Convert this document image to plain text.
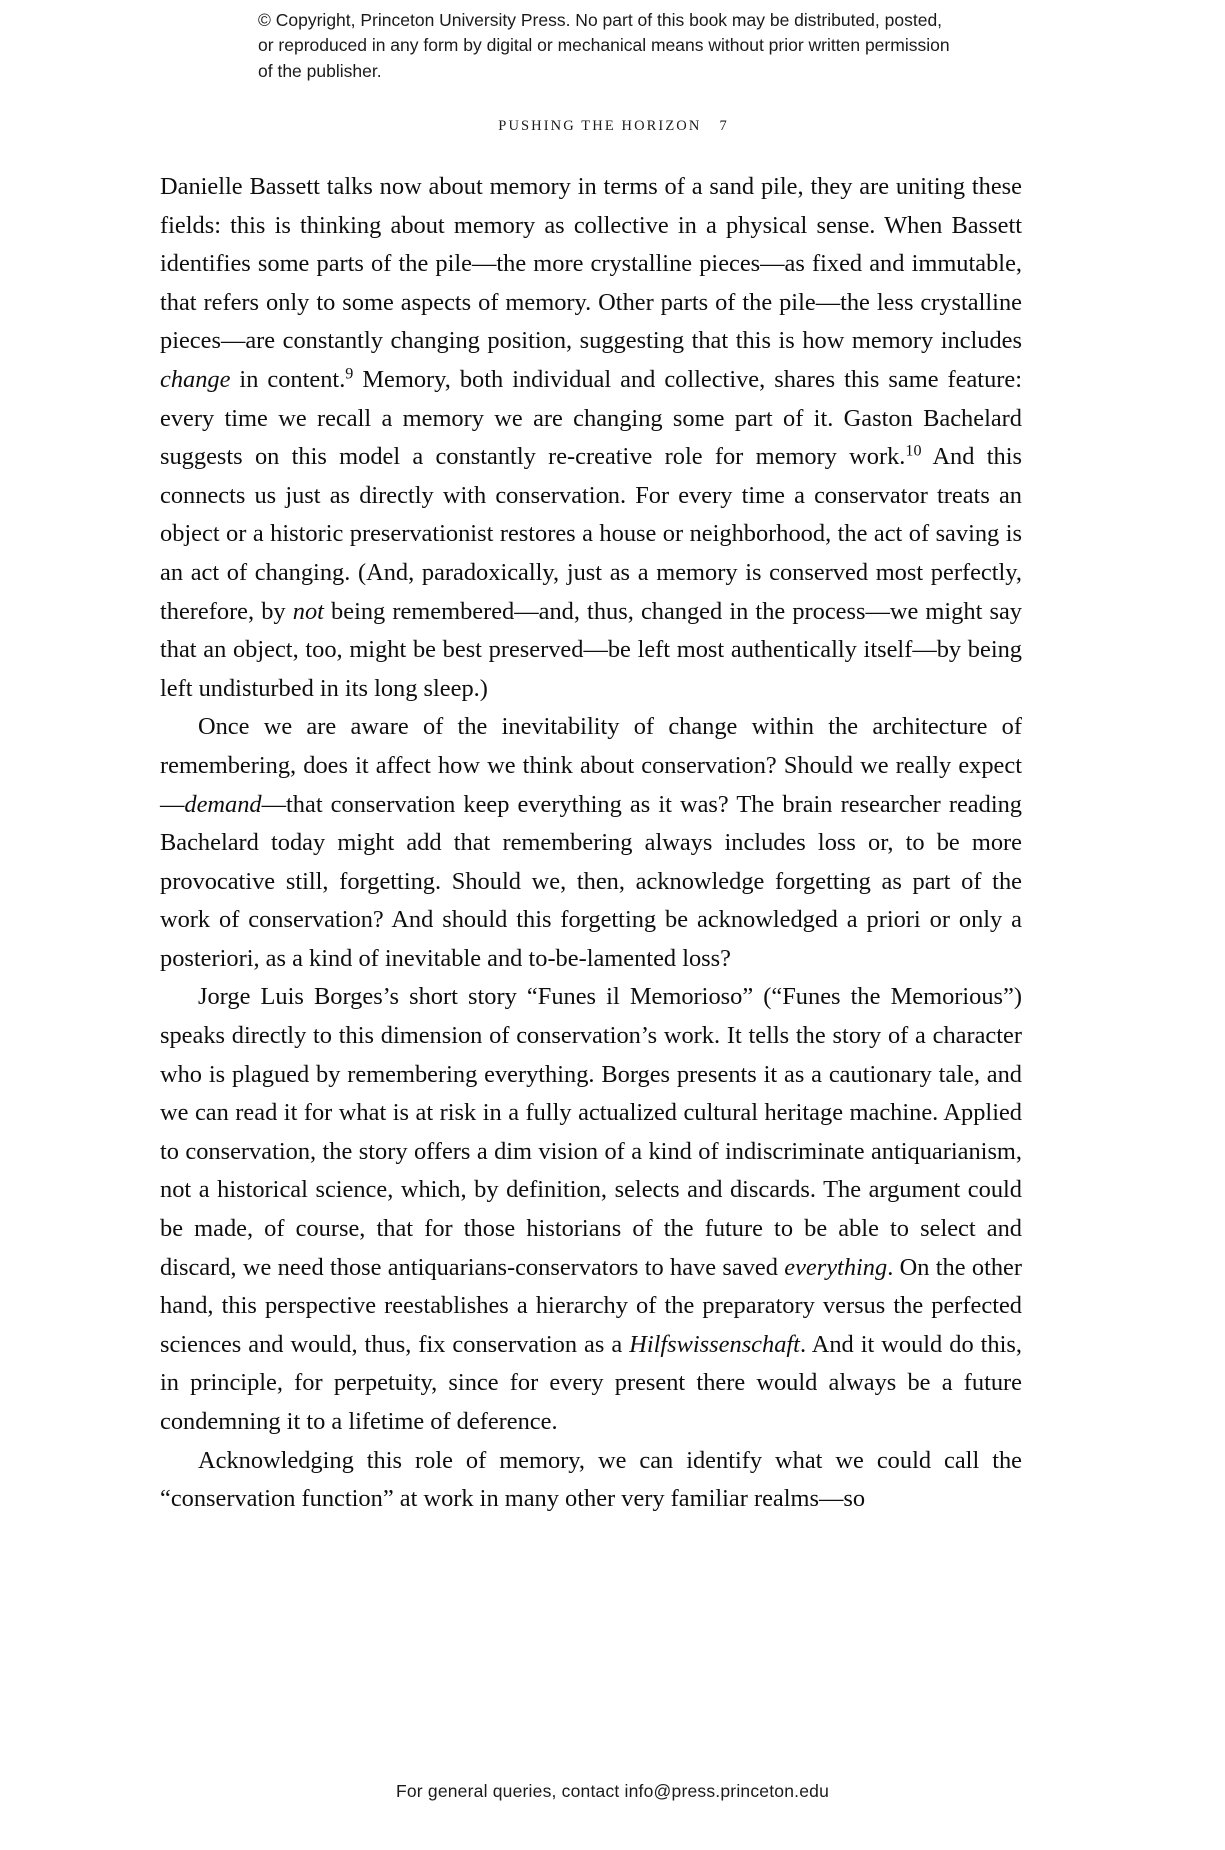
© Copyright, Princeton University Press. No part of this book may be distributed, posted, or reproduced in any form by digital or mechanical means without prior written permission of the publisher.
PUSHING THE HORIZON 7

Danielle Bassett talks now about memory in terms of a sand pile, they are uniting these fields: this is thinking about memory as collective in a physical sense. When Bassett identifies some parts of the pile—the more crystalline pieces—as fixed and immutable, that refers only to some aspects of memory. Other parts of the pile—the less crystalline pieces—are constantly changing position, suggesting that this is how memory includes change in content.$^9$ Memory, both individual and collective, shares this same feature: every time we recall a memory we are changing some part of it. Gaston Bachelard suggests on this model a constantly re-creative role for memory work.$^{10}$ And this connects us just as directly with conservation. For every time a conservator treats an object or a historic preservationist restores a house or neighborhood, the act of saving is an act of changing. (And, paradoxically, just as a memory is conserved most perfectly, therefore, by not being remembered—and, thus, changed in the process—we might say that an object, too, might be best preserved—be left most authentically itself—by being left undisturbed in its long sleep.)

Once we are aware of the inevitability of change within the architecture of remembering, does it affect how we think about conservation? Should we really expect—demand—that conservation keep everything as it was? The brain researcher reading Bachelard today might add that remembering always includes loss or, to be more provocative still, forgetting. Should we, then, acknowledge forgetting as part of the work of conservation? And should this forgetting be acknowledged a priori or only a posteriori, as a kind of inevitable and to-be-lamented loss?

Jorge Luis Borges’s short story “Funes il Memorioso” (“Funes the Memorious”) speaks directly to this dimension of conservation’s work. It tells the story of a character who is plagued by remembering everything. Borges presents it as a cautionary tale, and we can read it for what is at risk in a fully actualized cultural heritage machine. Applied to conservation, the story offers a dim vision of a kind of indiscriminate antiquarianism, not a historical science, which, by definition, selects and discards. The argument could be made, of course, that for those historians of the future to be able to select and discard, we need those antiquarians-conservators to have saved everything. On the other hand, this perspective reestablishes a hierarchy of the preparatory versus the perfected sciences and would, thus, fix conservation as a Hilfswissenschaft. And it would do this, in principle, for perpetuity, since for every present there would always be a future condemning it to a lifetime of deference.

Acknowledging this role of memory, we can identify what we could call the “conservation function” at work in many other very familiar realms—so

For general queries, contact info@press.princeton.edu
